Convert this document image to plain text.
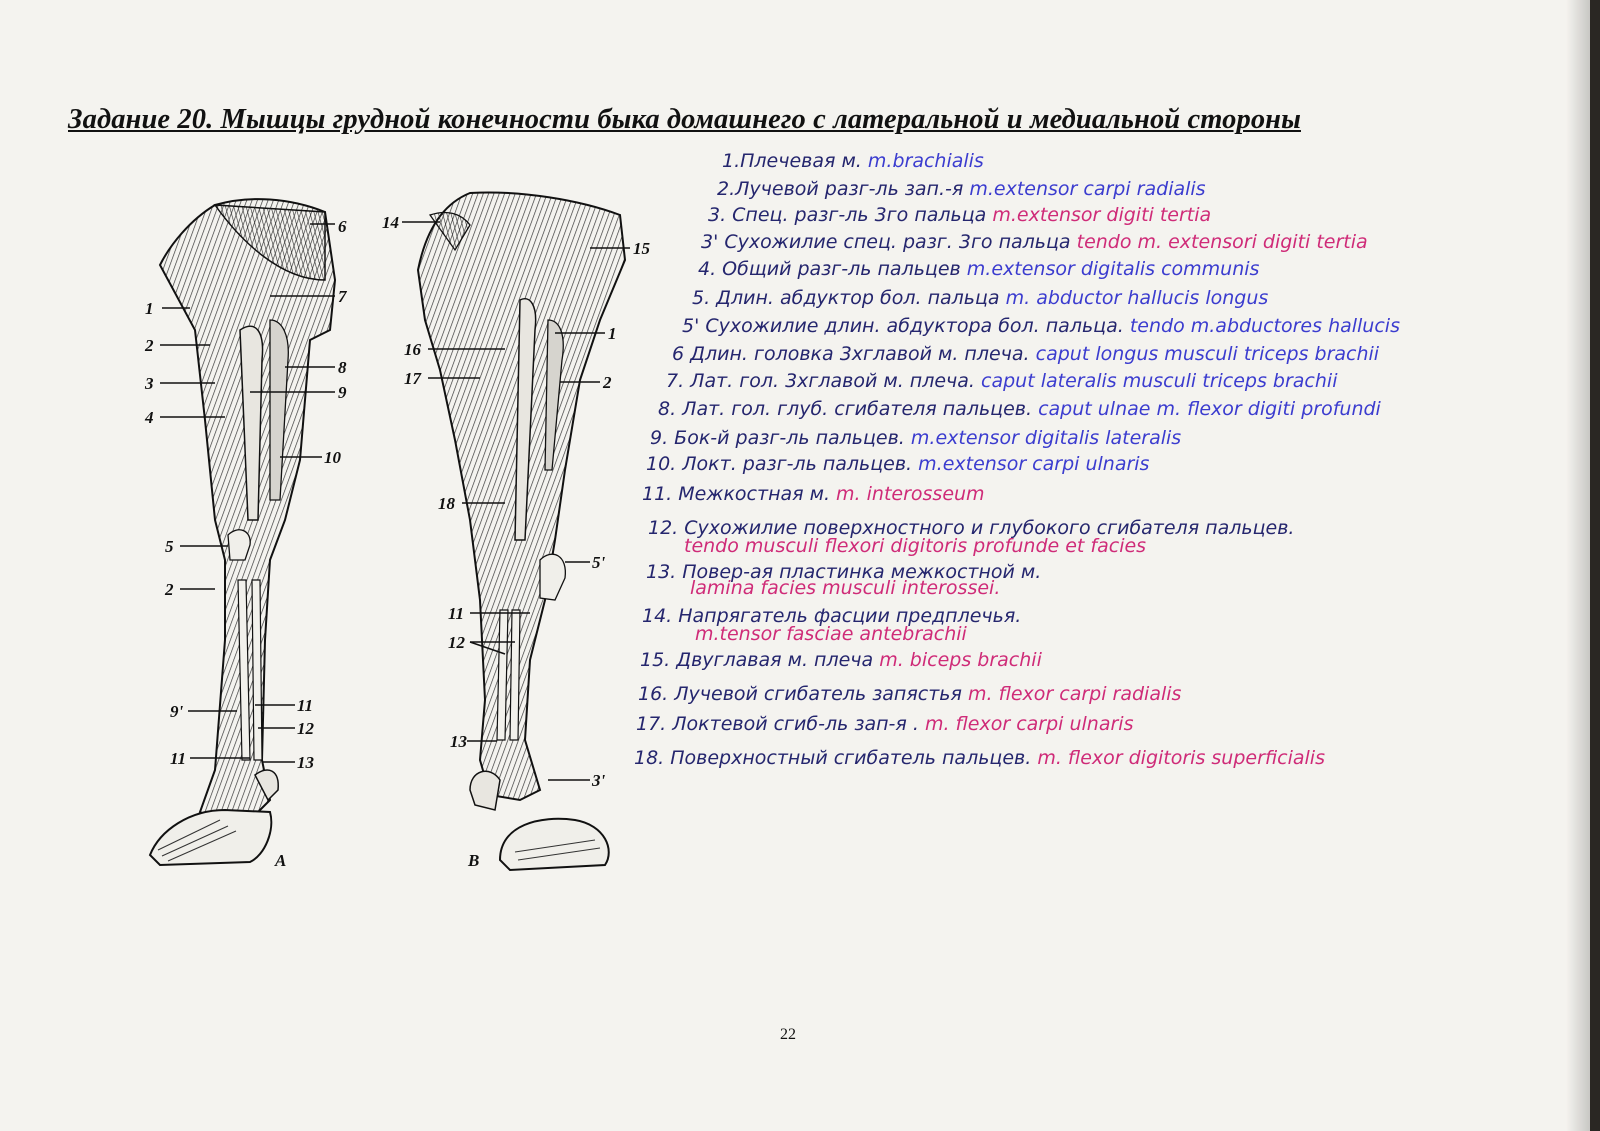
Задание 20. Мышцы грудной конечности быка домашнего с латеральной и медиальной стороны
6
7
1
2
3
4
8
9
10
5
2
9'	11
12
11	13
A
14
15
16
17
1
2
18
5'
11
12
13
3'
B
1.Плечевая м. m.brachialis
2.Лучевой разг-ль зап.-я m.extensor carpi radialis
3. Спец. разг-ль 3го пальца m.extensor digiti tertia
3' Сухожилие спец. разг. 3го пальца tendo m. extensori digiti tertia
4. Общий разг-ль пальцев m.extensor digitalis communis
5. Длин. абдуктор бол. пальца m. abductor hallucis longus
5' Сухожилие длин. абдуктора бол. пальца. tendo m.abductores hallucis
6 Длин. головка 3хглавой м. плеча. caput longus musculi triceps brachii
7. Лат. гол. 3хглавой м. плеча. caput lateralis musculi triceps brachii
8. Лат. гол. глуб. сгибателя пальцев. caput ulnae m. flexor digiti profundi
9. Бок-й разг-ль пальцев. m.extensor digitalis lateralis
10. Локт. разг-ль пальцев. m.extensor carpi ulnaris
11. Межкостная м. m. interosseum
12. Сухожилие поверхностного и глубокого сгибателя пальцев.
tendo musculi flexori digitoris profunde et facies
13. Повер-ая пластинка межкостной м.
lamina facies musculi interossei.
14. Напрягатель фасции предплечья.
m.tensor fasciae antebrachii
15. Двуглавая м. плеча m. biceps brachii
16. Лучевой сгибатель запястья m. flexor carpi radialis
17. Локтевой сгиб-ль зап-я . m. flexor carpi ulnaris
18. Поверхностный сгибатель пальцев. m. flexor digitoris superficialis
22
